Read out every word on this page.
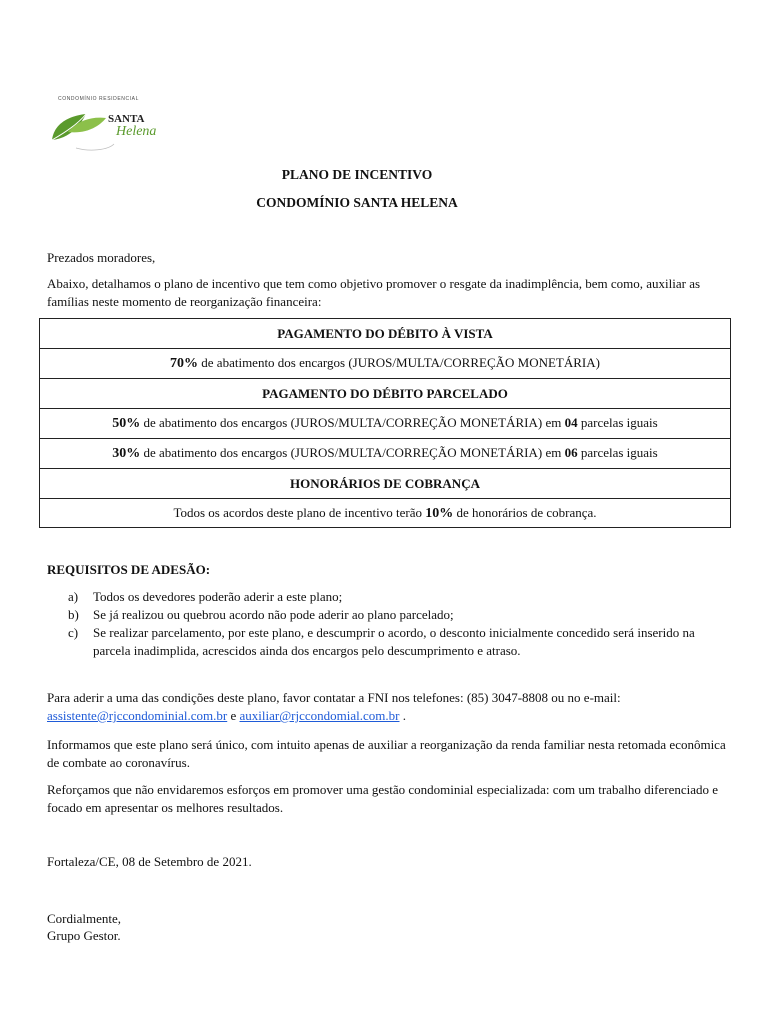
CONDOMÍNIO RESIDENCIAL
SANTA
Helena
PLANO DE INCENTIVO
CONDOMÍNIO SANTA HELENA
Prezados moradores,
Abaixo, detalhamos o plano de incentivo que tem como objetivo promover o resgate da inadimplência, bem como, auxiliar as famílias neste momento de reorganização financeira:
PAGAMENTO DO DÉBITO À VISTA
70% de abatimento dos encargos (JUROS/MULTA/CORREÇÃO MONETÁRIA)
PAGAMENTO DO DÉBITO PARCELADO
50% de abatimento dos encargos (JUROS/MULTA/CORREÇÃO MONETÁRIA) em 04 parcelas iguais
30% de abatimento dos encargos (JUROS/MULTA/CORREÇÃO MONETÁRIA) em 06 parcelas iguais
HONORÁRIOS DE COBRANÇA
Todos os acordos deste plano de incentivo terão 10% de honorários de cobrança.
REQUISITOS DE ADESÃO:
a) Todos os devedores poderão aderir a este plano;
b) Se já realizou ou quebrou acordo não pode aderir ao plano parcelado;
c) Se realizar parcelamento, por este plano, e descumprir o acordo, o desconto inicialmente concedido será inserido na parcela inadimplida, acrescidos ainda dos encargos pelo descumprimento e atraso.
Para aderir a uma das condições deste plano, favor contatar a FNI nos telefones: (85) 3047-8808 ou no e-mail: assistente@rjccondominial.com.br e auxiliar@rjccondomial.com.br .
Informamos que este plano será único, com intuito apenas de auxiliar a reorganização da renda familiar nesta retomada econômica de combate ao coronavírus.
Reforçamos que não envidaremos esforços em promover uma gestão condominial especializada: com um trabalho diferenciado e focado em apresentar os melhores resultados.
Fortaleza/CE, 08 de Setembro de 2021.
Cordialmente,
Grupo Gestor.
